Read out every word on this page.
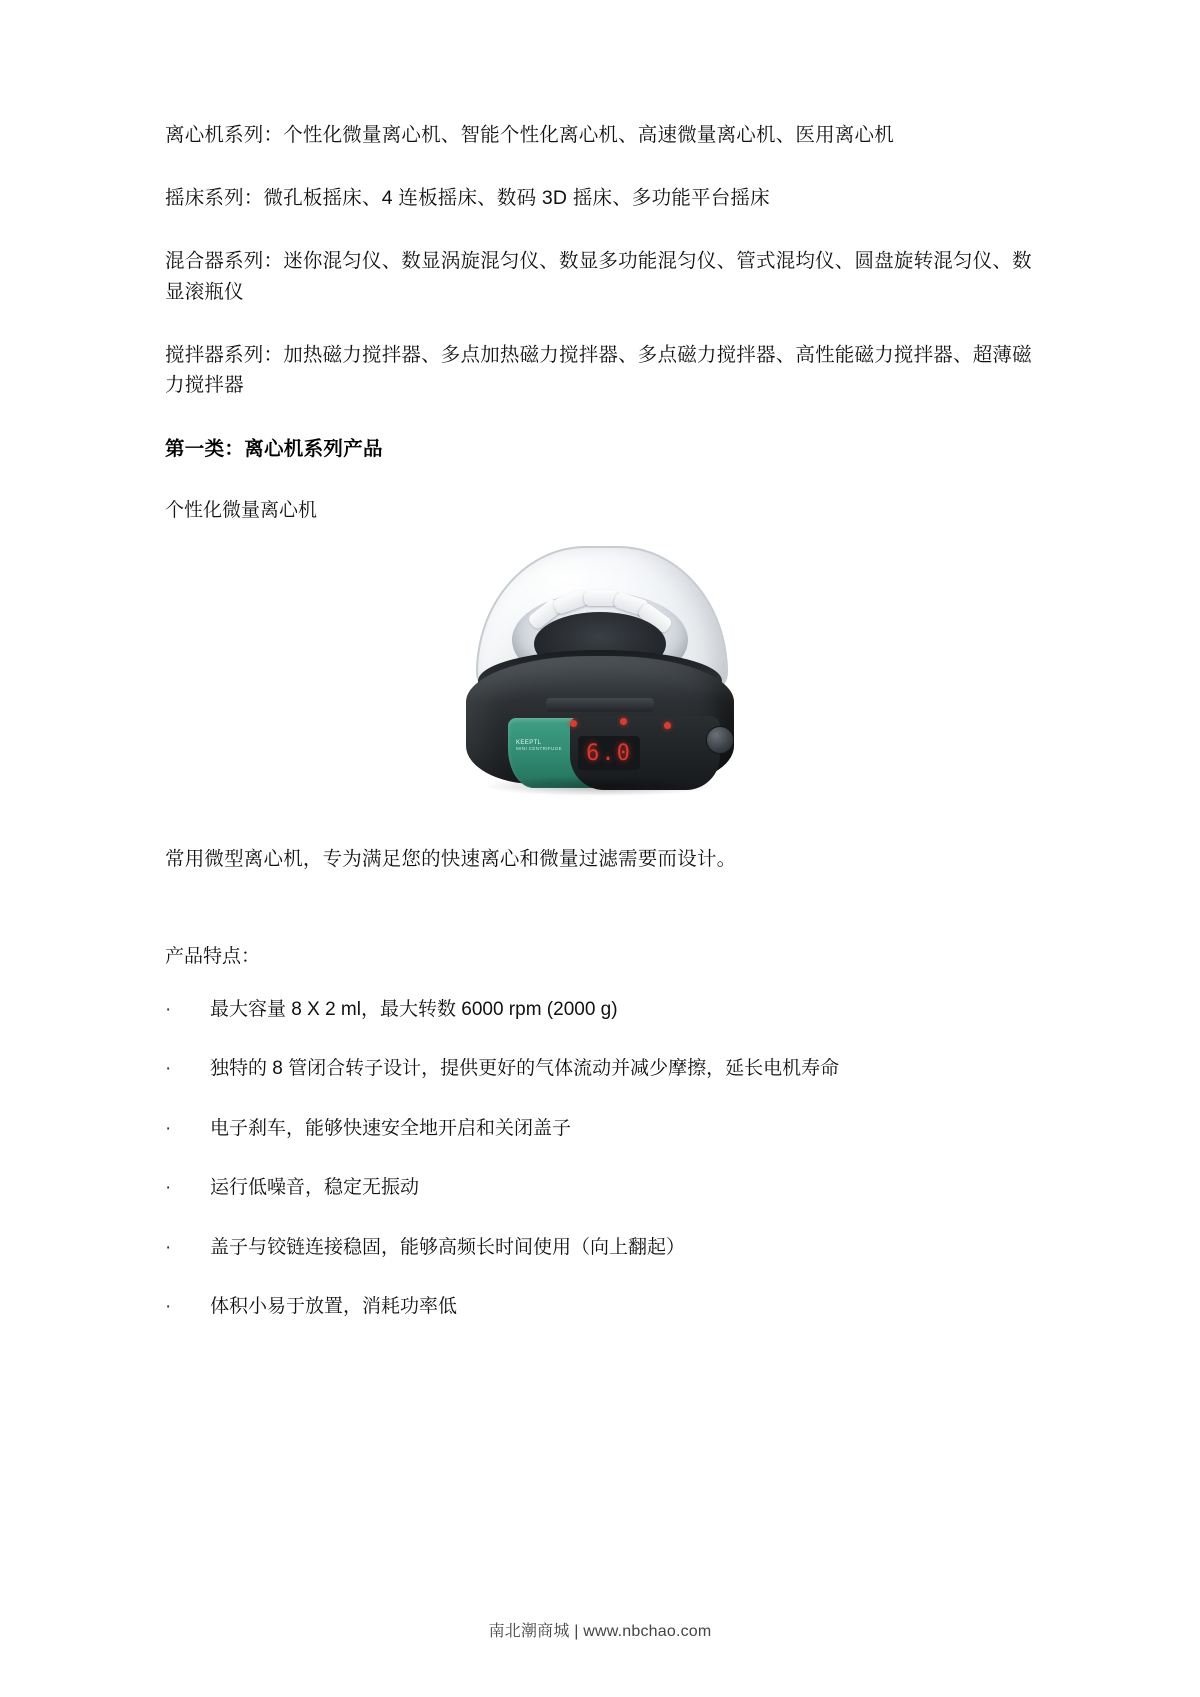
离心机系列：个性化微量离心机、智能个性化离心机、高速微量离心机、医用离心机

摇床系列：微孔板摇床、4 连板摇床、数码 3D 摇床、多功能平台摇床

混合器系列：迷你混匀仪、数显涡旋混匀仪、数显多功能混匀仪、管式混均仪、圆盘旋转混匀仪、数显滚瓶仪

搅拌器系列：加热磁力搅拌器、多点加热磁力搅拌器、多点磁力搅拌器、高性能磁力搅拌器、超薄磁力搅拌器

第一类：离心机系列产品

个性化微量离心机

6.0
KEEPTL
MINI CENTRIFUGE

常用微型离心机，专为满足您的快速离心和微量过滤需要而设计。

产品特点：

· 最大容量 8 X 2 ml，最大转数 6000 rpm (2000 g)
· 独特的 8 管闭合转子设计，提供更好的气体流动并减少摩擦，延长电机寿命
· 电子刹车，能够快速安全地开启和关闭盖子
· 运行低噪音，稳定无振动
· 盖子与铰链连接稳固，能够高频长时间使用（向上翻起）
· 体积小易于放置，消耗功率低
南北潮商城 | www.nbchao.com
